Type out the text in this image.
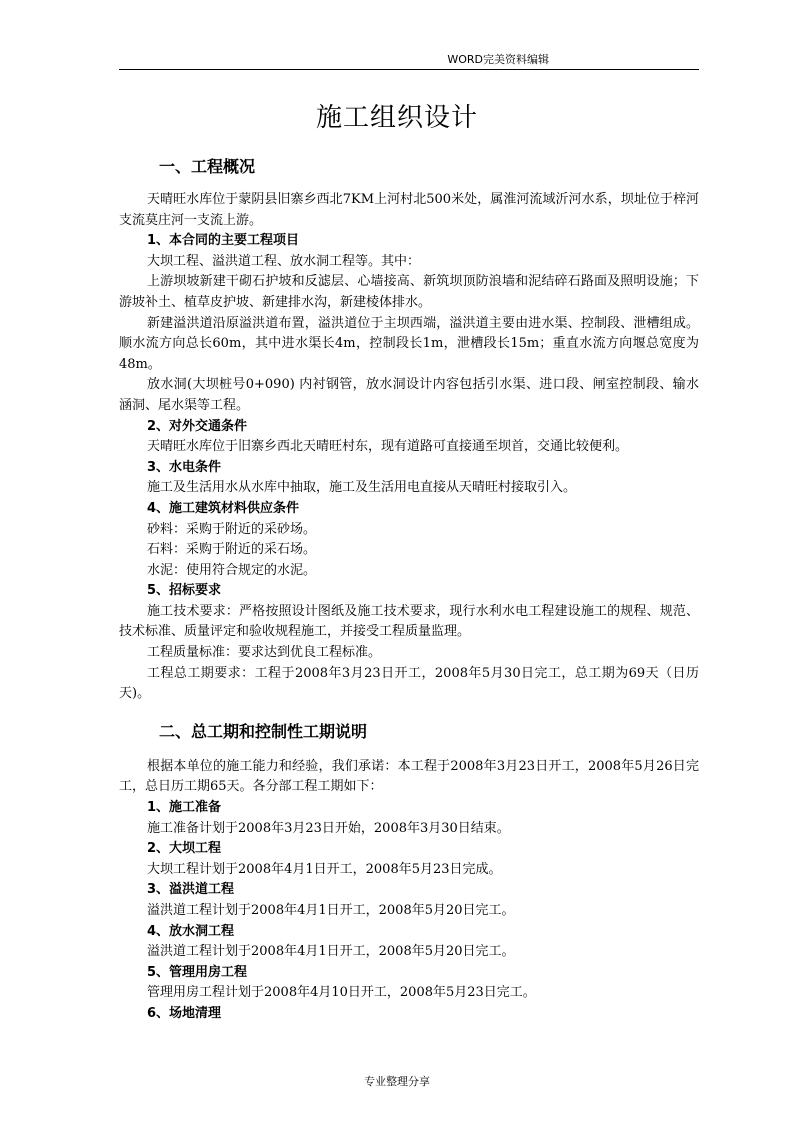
WORD完美资料编辑
施工组织设计
一、工程概况
天晴旺水库位于蒙阴县旧寨乡西北7KM上河村北500米处，属淮河流域沂河水系，坝址位于梓河支流莫庄河一支流上游。
1、本合同的主要工程项目
大坝工程、溢洪道工程、放水洞工程等。其中：
上游坝坡新建干砌石护坡和反滤层、心墙接高、新筑坝顶防浪墙和泥结碎石路面及照明设施；下游坡补土、植草皮护坡、新建排水沟，新建棱体排水。
新建溢洪道沿原溢洪道布置，溢洪道位于主坝西端，溢洪道主要由进水渠、控制段、泄槽组成。顺水流方向总长60m，其中进水渠长4m，控制段长1m，泄槽段长15m；重直水流方向堰总宽度为48m。
放水洞(大坝桩号0+090) 内衬钢管，放水洞设计内容包括引水渠、进口段、闸室控制段、输水涵洞、尾水渠等工程。
2、对外交通条件
天晴旺水库位于旧寨乡西北天晴旺村东，现有道路可直接通至坝首，交通比较便利。
3、水电条件
施工及生活用水从水库中抽取，施工及生活用电直接从天晴旺村接取引入。
4、施工建筑材料供应条件
砂料：采购于附近的采砂场。
石料：采购于附近的采石场。
水泥：使用符合规定的水泥。
5、招标要求
施工技术要求：严格按照设计图纸及施工技术要求，现行水利水电工程建设施工的规程、规范、技术标准、质量评定和验收规程施工，并接受工程质量监理。
工程质量标准：要求达到优良工程标准。
工程总工期要求：工程于2008年3月23日开工，2008年5月30日完工，总工期为69天（日历天)。
二、总工期和控制性工期说明
根据本单位的施工能力和经验，我们承诺：本工程于2008年3月23日开工，2008年5月26日完工，总日历工期65天。各分部工程工期如下：
1、施工准备
施工准备计划于2008年3月23日开始，2008年3月30日结束。
2、大坝工程
大坝工程计划于2008年4月1日开工，2008年5月23日完成。
3、溢洪道工程
溢洪道工程计划于2008年4月1日开工，2008年5月20日完工。
4、放水洞工程
溢洪道工程计划于2008年4月1日开工，2008年5月20日完工。
5、管理用房工程
管理用房工程计划于2008年4月10日开工，2008年5月23日完工。
6、场地清理
专业整理分享
